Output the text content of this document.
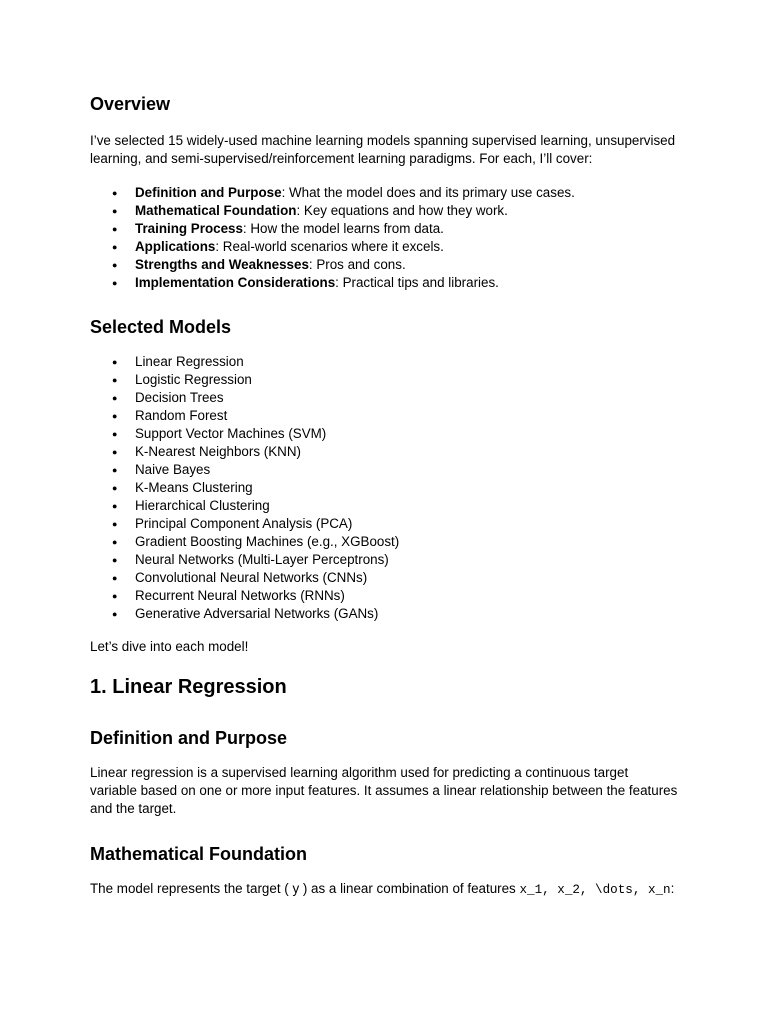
Overview

I’ve selected 15 widely-used machine learning models spanning supervised learning, unsupervised learning, and semi-supervised/reinforcement learning paradigms. For each, I’ll cover:

● Definition and Purpose: What the model does and its primary use cases.
● Mathematical Foundation: Key equations and how they work.
● Training Process: How the model learns from data.
● Applications: Real-world scenarios where it excels.
● Strengths and Weaknesses: Pros and cons.
● Implementation Considerations: Practical tips and libraries.
Selected Models
● Linear Regression
● Logistic Regression
● Decision Trees
● Random Forest
● Support Vector Machines (SVM)
● K-Nearest Neighbors (KNN)
● Naive Bayes
● K-Means Clustering
● Hierarchical Clustering
● Principal Component Analysis (PCA)
● Gradient Boosting Machines (e.g., XGBoost)
● Neural Networks (Multi-Layer Perceptrons)
● Convolutional Neural Networks (CNNs)
● Recurrent Neural Networks (RNNs)
● Generative Adversarial Networks (GANs)

Let’s dive into each model!

1. Linear Regression
Definition and Purpose

Linear regression is a supervised learning algorithm used for predicting a continuous target variable based on one or more input features. It assumes a linear relationship between the features and the target.

Mathematical Foundation

The model represents the target ( y ) as a linear combination of features x_1, x_2, \dots, x_n:
